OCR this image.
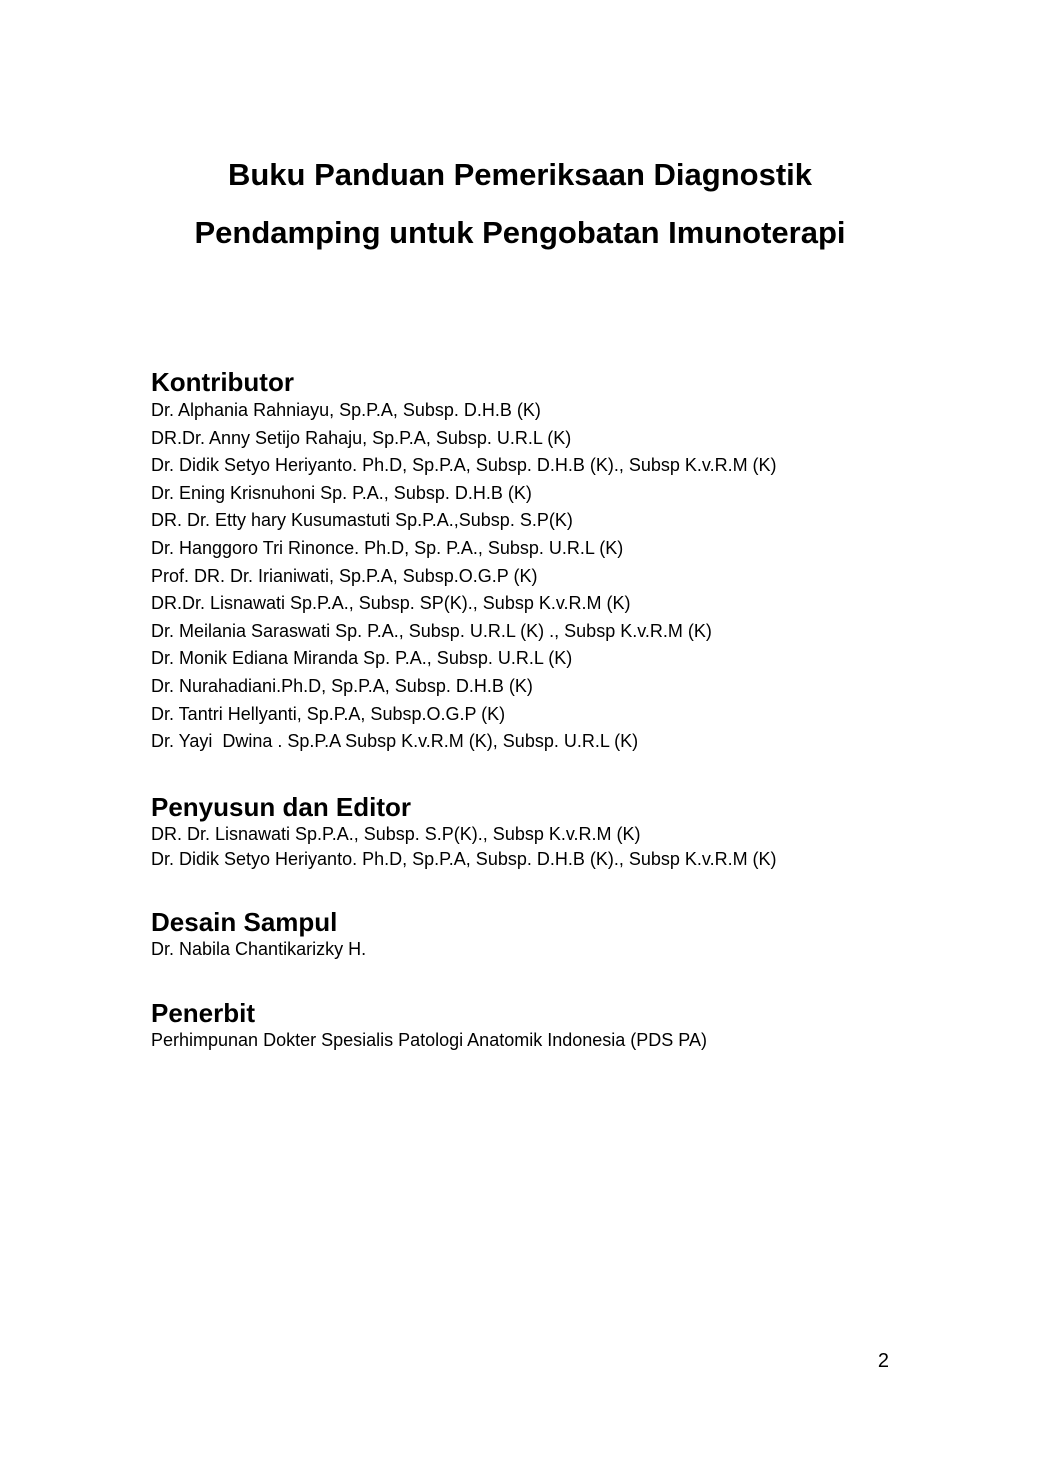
Buku Panduan Pemeriksaan Diagnostik

Pendamping untuk Pengobatan Imunoterapi

Kontributor

Dr. Alphania Rahniayu, Sp.P.A, Subsp. D.H.B (K)

DR.Dr. Anny Setijo Rahaju, Sp.P.A, Subsp. U.R.L (K)

Dr. Didik Setyo Heriyanto. Ph.D, Sp.P.A, Subsp. D.H.B (K)., Subsp K.v.R.M (K)

Dr. Ening Krisnuhoni Sp. P.A., Subsp. D.H.B (K)

DR. Dr. Etty hary Kusumastuti Sp.P.A.,Subsp. S.P(K)

Dr. Hanggoro Tri Rinonce. Ph.D, Sp. P.A., Subsp. U.R.L (K)

Prof. DR. Dr. Irianiwati, Sp.P.A, Subsp.O.G.P (K)

DR.Dr. Lisnawati Sp.P.A., Subsp. SP(K)., Subsp K.v.R.M (K)

Dr. Meilania Saraswati Sp. P.A., Subsp. U.R.L (K) ., Subsp K.v.R.M (K)

Dr. Monik Ediana Miranda Sp. P.A., Subsp. U.R.L (K)

Dr. Nurahadiani.Ph.D, Sp.P.A, Subsp. D.H.B (K)

Dr. Tantri Hellyanti, Sp.P.A, Subsp.O.G.P (K)

Dr. Yayi  Dwina . Sp.P.A Subsp K.v.R.M (K), Subsp. U.R.L (K)

Penyusun dan Editor

DR. Dr. Lisnawati Sp.P.A., Subsp. S.P(K)., Subsp K.v.R.M (K)

Dr. Didik Setyo Heriyanto. Ph.D, Sp.P.A, Subsp. D.H.B (K)., Subsp K.v.R.M (K)

Desain Sampul

Dr. Nabila Chantikarizky H.

Penerbit

Perhimpunan Dokter Spesialis Patologi Anatomik Indonesia (PDS PA)

2
